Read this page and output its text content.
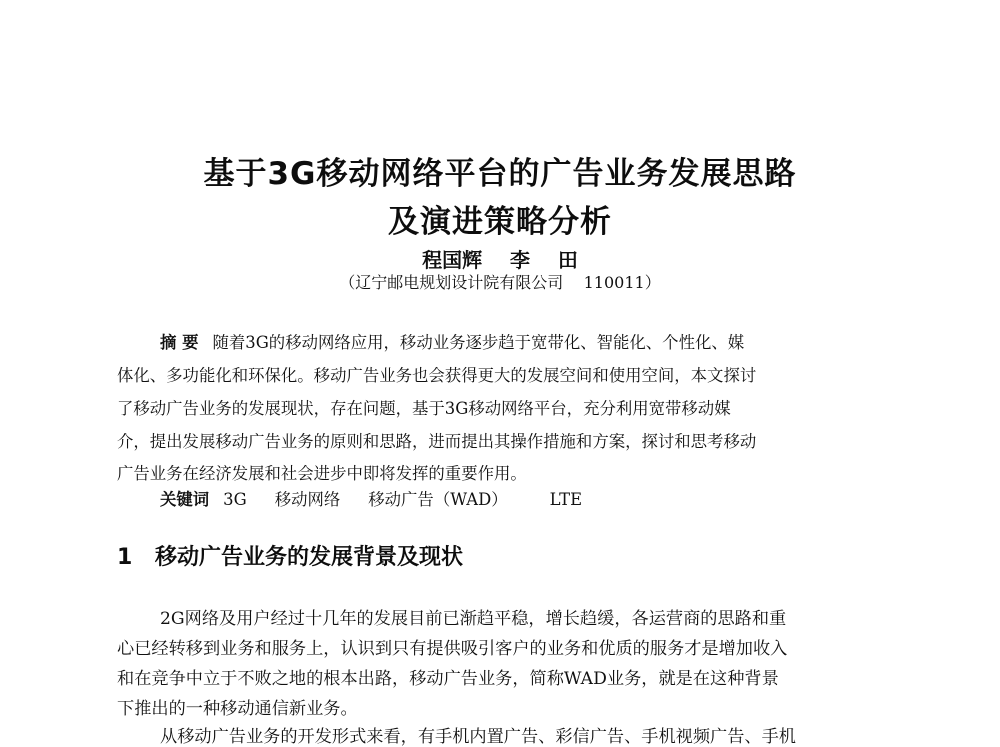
基于3G移动网络平台的广告业务发展思路
及演进策略分析
程国辉    李    田
（辽宁邮电规划设计院有限公司    110011）
摘 要 随着3G的移动网络应用，移动业务逐步趋于宽带化、智能化、个性化、媒
体化、多功能化和环保化。移动广告业务也会获得更大的发展空间和使用空间，本文探讨
了移动广告业务的发展现状，存在问题，基于3G移动网络平台，充分利用宽带移动媒
介，提出发展移动广告业务的原则和思路，进而提出其操作措施和方案，探讨和思考移动
广告业务在经济发展和社会进步中即将发挥的重要作用。
关键词 3G 移动网络 移动广告（WAD）	LTE
1 移动广告业务的发展背景及现状
2G网络及用户经过十几年的发展目前已渐趋平稳，增长趋缓，各运营商的思路和重
心已经转移到业务和服务上，认识到只有提供吸引客户的业务和优质的服务才是增加收入
和在竞争中立于不败之地的根本出路，移动广告业务，简称WAD业务，就是在这种背景
下推出的一种移动通信新业务。
从移动广告业务的开发形式来看，有手机内置广告、彩信广告、手机视频广告、手机
